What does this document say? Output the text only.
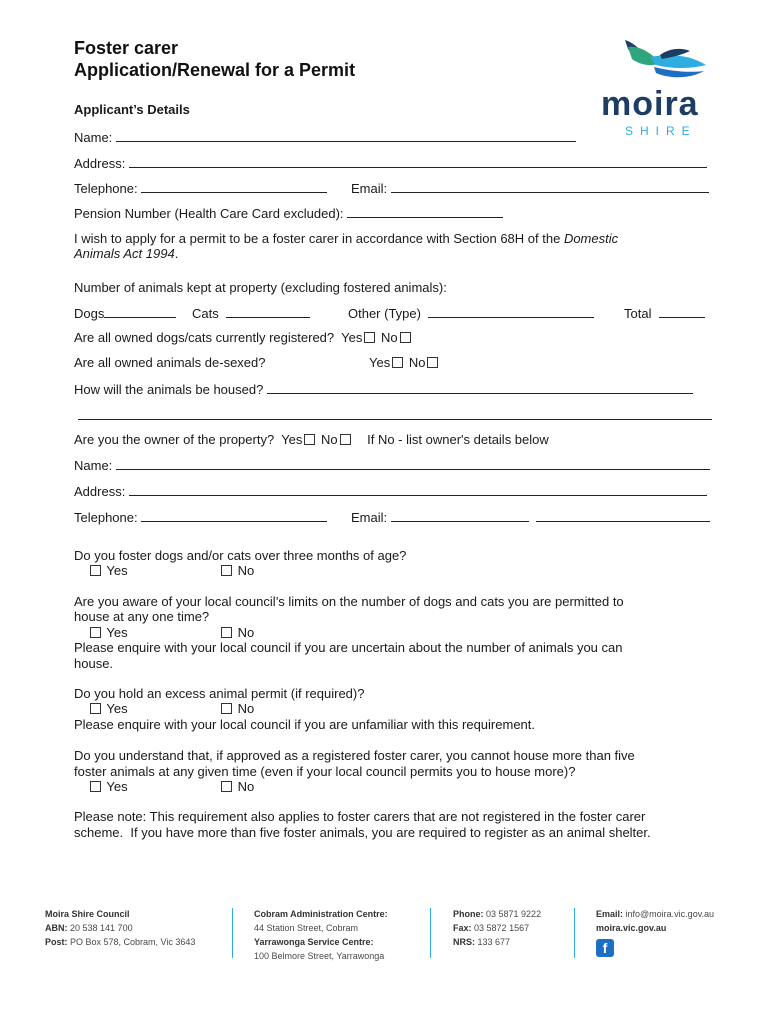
Foster carer
Application/Renewal for a Permit
moira
SHIRE
Applicant’s Details
Name:
Address:
Telephone:	Email:
Pension Number (Health Care Card excluded):
I wish to apply for a permit to be a foster carer in accordance with Section 68H of the Domestic
Animals Act 1994.
Number of animals kept at property (excluding fostered animals):
Dogs	Cats	Other (Type)	Total
Are all owned dogs/cats currently registered? Yes No
Are all owned animals de-sexed?	Yes No
How will the animals be housed?
Are you the owner of the property? Yes No If No - list owner's details below
Name:
Address:
Telephone:	Email:
Do you foster dogs and/or cats over three months of age?
Yes	No
Are you aware of your local council’s limits on the number of dogs and cats you are permitted to
house at any one time?
Yes	No
Please enquire with your local council if you are uncertain about the number of animals you can
house.
Do you hold an excess animal permit (if required)?
Yes	No
Please enquire with your local council if you are unfamiliar with this requirement.
Do you understand that, if approved as a registered foster carer, you cannot house more than five
foster animals at any given time (even if your local council permits you to house more)?
Yes	No
Please note: This requirement also applies to foster carers that are not registered in the foster carer
scheme.  If you have more than five foster animals, you are required to register as an animal shelter.
Moira Shire Council
ABN: 20 538 141 700
Post: PO Box 578, Cobram, Vic 3643
Cobram Administration Centre:
44 Station Street, Cobram
Yarrawonga Service Centre:
100 Belmore Street, Yarrawonga
Phone: 03 5871 9222
Fax: 03 5872 1567
NRS: 133 677
Email: info@moira.vic.gov.au
moira.vic.gov.au
f
